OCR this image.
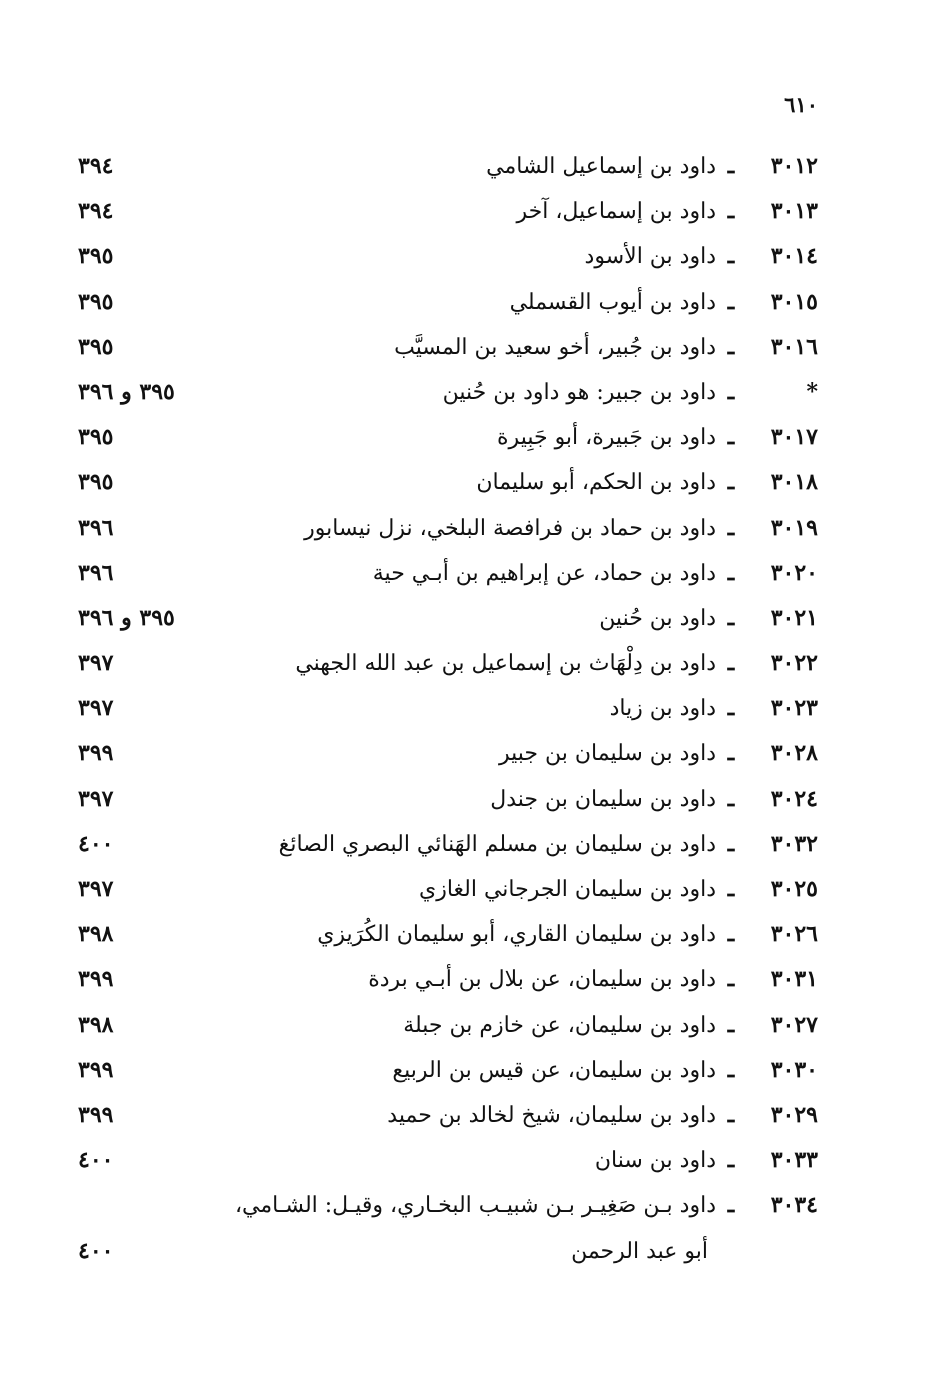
٦١٠
٣٠١٢ـداود بن إسماعيل الشامي
٣٩٤
٣٠١٣ـداود بن إسماعيل، آخر
٣٩٤
٣٠١٤ـداود بن الأسود
٣٩٥
٣٠١٥ـداود بن أيوب القسملي
٣٩٥
٣٠١٦ـداود بن جُبير، أخو سعيد بن المسيَّب
٣٩٥
*ـداود بن جبير: هو داود بن حُنين
٣٩٥ و ٣٩٦
٣٠١٧ـداود بن جَبيرة، أبو جَبِيرة
٣٩٥
٣٠١٨ـداود بن الحكم، أبو سليمان
٣٩٥
٣٠١٩ـداود بن حماد بن فرافصة البلخي، نزل نيسابور
٣٩٦
٣٠٢٠ـداود بن حماد، عن إبراهيم بن أبـي حية
٣٩٦
٣٠٢١ـداود بن حُنين
٣٩٥ و ٣٩٦
٣٠٢٢ـداود بن دِلْهَاث بن إسماعيل بن عبد الله الجهني
٣٩٧
٣٠٢٣ـداود بن زياد
٣٩٧
٣٠٢٨ـداود بن سليمان بن جبير
٣٩٩
٣٠٢٤ـداود بن سليمان بن جندل
٣٩٧
٣٠٣٢ـداود بن سليمان بن مسلم الهَنائي البصري الصائغ
٤٠٠
٣٠٢٥ـداود بن سليمان الجرجاني الغازي
٣٩٧
٣٠٢٦ـداود بن سليمان القاري، أبو سليمان الكُرَيزي
٣٩٨
٣٠٣١ـداود بن سليمان، عن بلال بن أبـي بردة
٣٩٩
٣٠٢٧ـداود بن سليمان، عن خازم بن جبلة
٣٩٨
٣٠٣٠ـداود بن سليمان، عن قيس بن الربيع
٣٩٩
٣٠٢٩ـداود بن سليمان، شيخ لخالد بن حميد
٣٩٩
٣٠٣٣ـداود بن سنان
٤٠٠
٣٠٣٤ـداود بـن صَغِيـر بـن شبيـب البخـاري، وقيـل: الشـامي،
أبو عبد الرحمن
٤٠٠
